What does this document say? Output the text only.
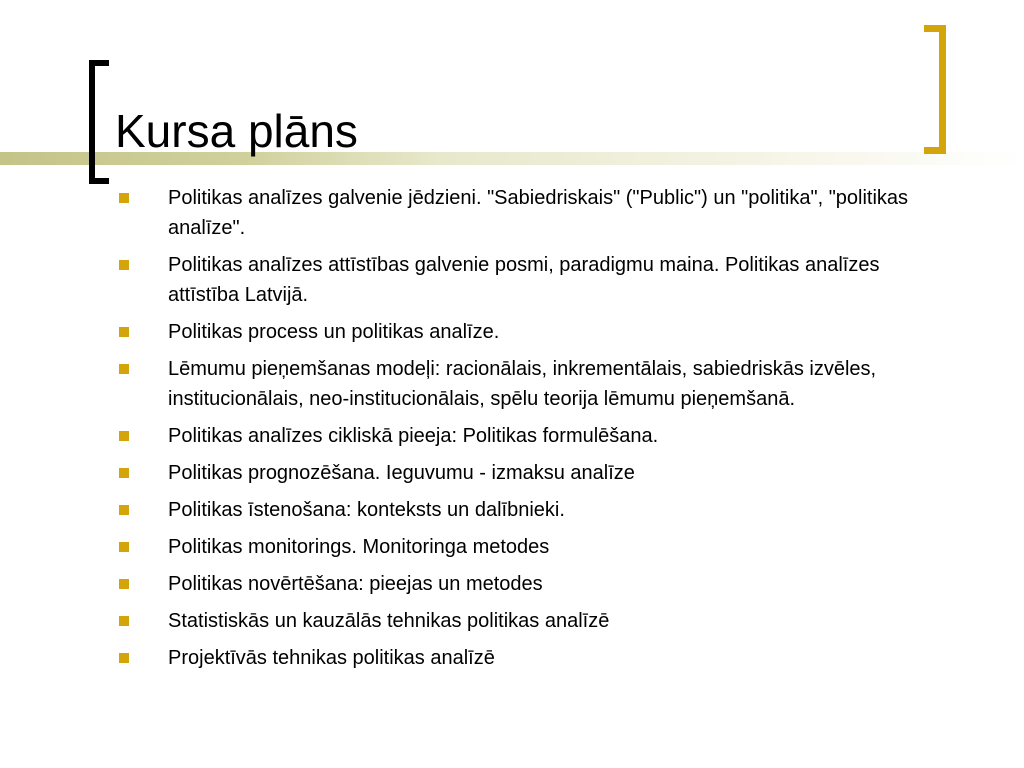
Kursa plāns
Politikas analīzes galvenie jēdzieni. "Sabiedriskais" ("Public") un "politika", "politikas analīze".
Politikas analīzes attīstības galvenie posmi, paradigmu maina. Politikas analīzes attīstība Latvijā.
Politikas process un politikas analīze.
Lēmumu pieņemšanas modeļi: racionālais, inkrementālais, sabiedriskās izvēles, institucionālais, neo-institucionālais, spēlu teorija lēmumu pieņemšanā.
Politikas analīzes cikliskā pieeja: Politikas formulēšana.
Politikas prognozēšana. Ieguvumu - izmaksu analīze
Politikas īstenošana: konteksts un dalībnieki.
Politikas monitorings. Monitoringa metodes
Politikas novērtēšana: pieejas un metodes
Statistiskās un kauzālās tehnikas politikas analīzē
Projektīvās tehnikas politikas analīzē
